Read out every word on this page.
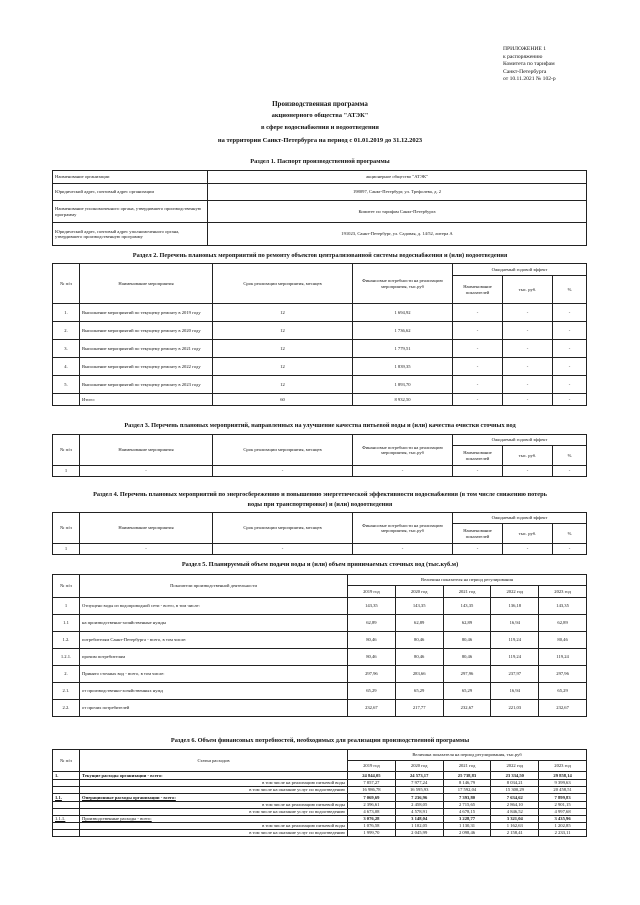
ПРИЛОЖЕНИЕ 1
к распоряжению
Комитета по тарифам
Санкт-Петербурга
от 10.11.2021 № 102-р
Производственная программа
акционерного общества "АТЭК"
в сфере водоснабжения и водоотведения
на территории Санкт-Петербурга на период с 01.01.2019 до 31.12.2023
Раздел 1. Паспорт производственной программы
Наименование организации	акционерное общество "АТЭК"
Юридический адрес, почтовый адрес организации	198097, Санкт-Петербург, ул. Трефолева, д. 2
Наименование уполномоченного органа, утвердившего производственную программу	Комитет по тарифам Санкт-Петербурга
Юридический адрес, почтовый адрес уполномоченного органа, утвердившего производственную программу	191023, Санкт-Петербург, ул. Садовая, д. 14/52, литера А
Раздел 2. Перечень плановых мероприятий по ремонту объектов централизованной системы водоснабжения и (или) водоотведения
№ п/п	Наименование мероприятия	Срок реализации мероприятия, месяцев	Финансовые потребности на реализацию мероприятия, тыс.руб	Ожидаемый годовой эффект		
				Наименование показателей	тыс. руб.	%
1.	Выполнение мероприятий по текущему ремонту в 2019 году	12	1 694,92	-	-	-
2.	Выполнение мероприятий по текущему ремонту в 2020 году	12	1 736,62	-	-	-
3.	Выполнение мероприятий по текущему ремонту в 2021 году	12	1 779,51	-	-	-
4.	Выполнение мероприятий по текущему ремонту в 2022 году	12	1 839,35	-	-	-
5.	Выполнение мероприятий по текущему ремонту в 2023 году	12	1 893,70	-	-	-
	Итого:	60	8 932,50	-	-	-
Раздел 3. Перечень плановых мероприятий, направленных на улучшение качества питьевой воды и (или) качества очистки сточных вод
№ п/п	Наименование мероприятия	Срок реализации мероприятия, месяцев	Финансовые потребности на реализацию мероприятия, тыс.руб	Ожидаемый годовой эффект		
				Наименование показателей	тыс. руб.	%
1	-	-	-	-	-	-
Раздел 4. Перечень плановых мероприятий по энергосбережению и повышению энергетической эффективности водоснабжения (в том числе снижению потерь
воды при транспортировке) и (или) водоотведения
№ п/п	Наименование мероприятия	Срок реализации мероприятия, месяцев	Финансовые потребности на реализацию мероприятия, тыс.руб	Ожидаемый годовой эффект		
				Наименование показателей	тыс. руб.	%
1	-	-	-	-	-	-
Раздел 5. Планируемый объем подачи воды и (или) объем принимаемых сточных вод (тыс.куб.м)
№ п/п	Показатели производственной деятельности	Величина показателя на период регулирования				
		2019 год	2020 год	2021 год	2022 год	2023 год
1	Отпущено воды из водопроводной сети - всего, в том числе:	143,35	143,35	143,35	136,18	143,35
1.1	на производственно-хозяйственные нужды	62,89	62,89	62,89	16,94	62,89
1.2.	потребителям Санкт-Петербурга - всего, в том числе:	80,46	80,46	80,46	119,24	80,46
1.2.1.	прочим потребителям	80,46	80,46	80,46	119,24	119,24
2.	Принято сточных вод - всего, в том числе:	297,96	283,66	297,96	237,97	297,96
2.1.	от производственно-хозяйственных нужд	65,29	65,29	65,29	16,94	65,29
2.2.	от прочих потребителей	232,67	217,77	232,67	221,03	232,67
Раздел 6. Объем финансовых потребностей, необходимых для реализации производственной программы
№ п/п	Статьи расходов	Величина показателя на период регулирования, тыс.руб				
		2019 год	2020 год	2021 год	2022 год	2023 год
1.	Текущие расходы организации - всего:	24 844,05	24 573,17	25 738,83	23 334,50	29 858,14
	в том числе на реализацию питьевой воды	7 857,27	7 977,24	8 146,79	8 034,21	9 399,63
	в том числе на оказание услуг по водоотведению	16 986,78	16 595,93	17 592,04	15 300,29	20 458,51
1.1.	Операционные расходы организации - всего:	7 069,69	7 236,96	7 393,80	7 634,62	7 899,83
	в том числе на реализацию питьевой воды	2 396,61	2 458,05	2 715,65	2 864,10	2 901,15
	в том числе на оказание услуг по водоотведению	4 673,08	4 578,91	4 678,15	4 846,52	4 997,68
1.1.1.	Производственные расходы - всего:	3 076,28	3 148,04	3 228,77	3 321,04	3 435,96
	в том числе на реализацию питьевой воды	1 076,58	1 102,05	1 130,31	1 162,63	1 202,85
	в том числе на оказание услуг по водоотведению	1 999,70	2 045,99	2 098,46	2 158,41	2 233,11
